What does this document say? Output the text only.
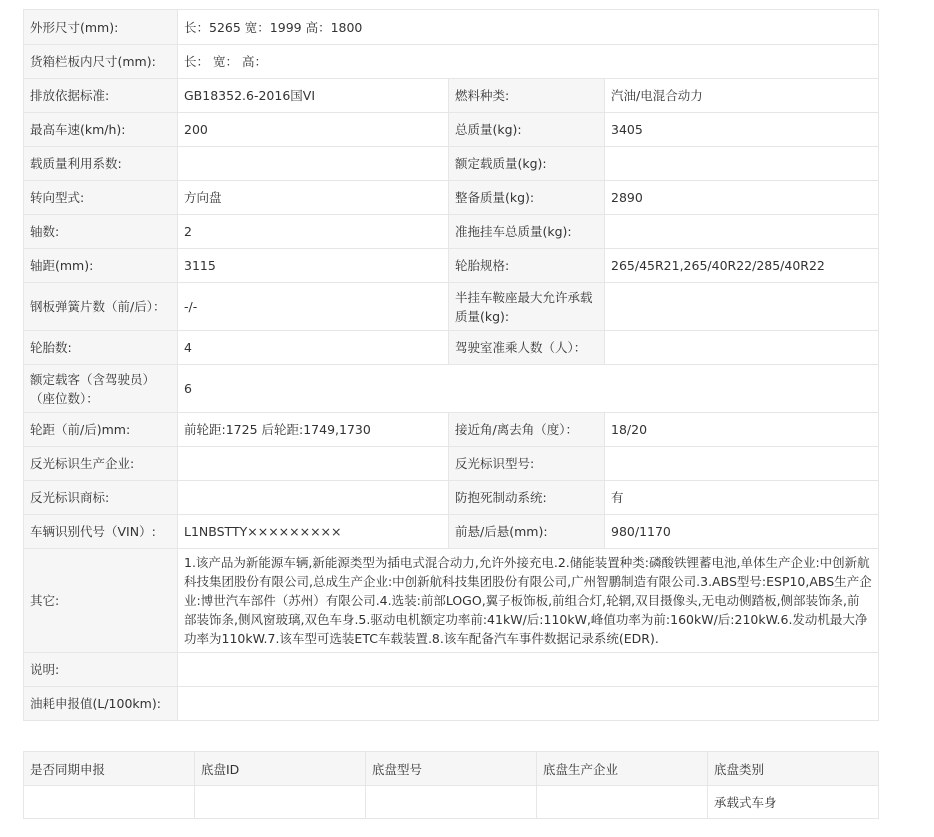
外形尺寸(mm):	长：5265 宽：1999 高：1800		
货箱栏板内尺寸(mm):	长： 宽： 高：		
排放依据标准:	GB18352.6-2016国VI	燃料种类:	汽油/电混合动力
最高车速(km/h):	200	总质量(kg):	3405
载质量利用系数:		额定载质量(kg):	
转向型式:	方向盘	整备质量(kg):	2890
轴数:	2	准拖挂车总质量(kg):	
轴距(mm):	3115	轮胎规格:	265/45R21,265/40R22/285/40R22
钢板弹簧片数（前/后）：	-/-	半挂车鞍座最大允许承载质量(kg):	
轮胎数:	4	驾驶室准乘人数（人）：	
额定载客（含驾驶员）（座位数）：	6		
轮距（前/后)mm:	前轮距:1725 后轮距:1749,1730	接近角/离去角（度）：	18/20
反光标识生产企业:		反光标识型号:	
反光标识商标:		防抱死制动系统:	有
车辆识别代号（VIN）:	L1NBSTTY×××××××××	前悬/后悬(mm):	980/1170
其它:	1.该产品为新能源车辆,新能源类型为插电式混合动力,允许外接充电.2.储能装置种类:磷酸铁锂蓄电池,单体生产企业:中创新航科技集团股份有限公司,总成生产企业:中创新航科技集团股份有限公司,广州智鹏制造有限公司.3.ABS型号:ESP10,ABS生产企业:博世汽车部件（苏州）有限公司.4.选装:前部LOGO,翼子板饰板,前组合灯,轮辋,双目摄像头,无电动侧踏板,侧部装饰条,前部装饰条,侧风窗玻璃,双色车身.5.驱动电机额定功率前:41kW/后:110kW,峰值功率为前:160kW/后:210kW.6.发动机最大净功率为110kW.7.该车型可选装ETC车载装置.8.该车配备汽车事件数据记录系统(EDR).		
说明:			
油耗申报值(L/100km):			
是否同期申报	底盘ID	底盘型号	底盘生产企业	底盘类别
				承载式车身
